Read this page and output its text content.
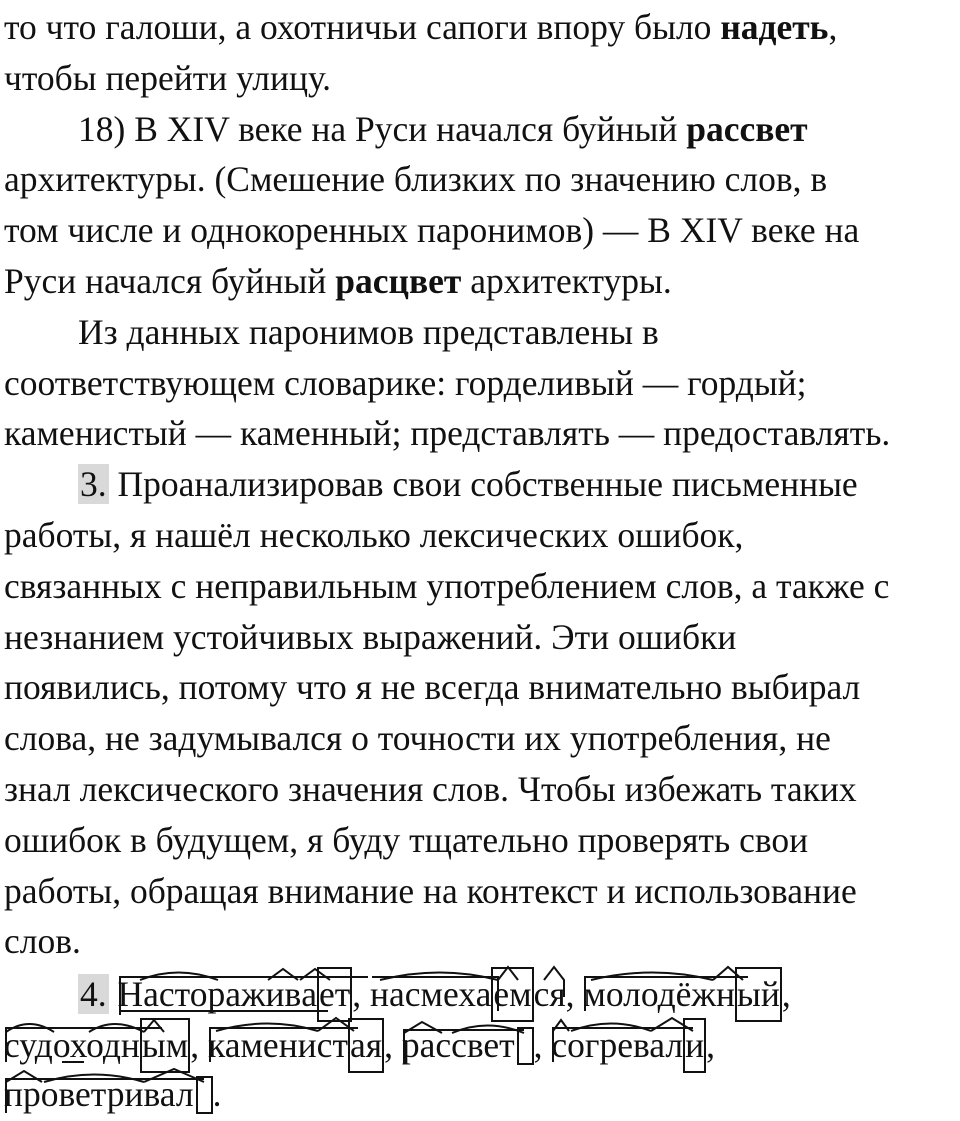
то что галоши, а охотничьи сапоги впору было надеть,
чтобы перейти улицу.
18) В XIV веке на Руси начался буйный рассвет
архитектуры. (Смешение близких по значению слов, в
том числе и однокоренных паронимов) — В XIV веке на
Руси начался буйный расцвет архитектуры.
Из данных паронимов представлены в
соответствующем словарике: горделивый — гордый;
каменистый — каменный; представлять — предоставлять.
3. Проанализировав свои собственные письменные
работы, я нашёл несколько лексических ошибок,
связанных с неправильным употреблением слов, а также с
незнанием устойчивых выражений. Эти ошибки
появились, потому что я не всегда внимательно выбирал
слова, не задумывался о точности их употребления, не
знал лексического значения слов. Чтобы избежать таких
ошибок в будущем, я буду тщательно проверять свои
работы, обращая внимание на контекст и использование
слов.
4. Настораживaет
, насмехаемся
, молодёжный
,
судоходным
, каменистая
, рассвет , согревали
,
проветривал .
